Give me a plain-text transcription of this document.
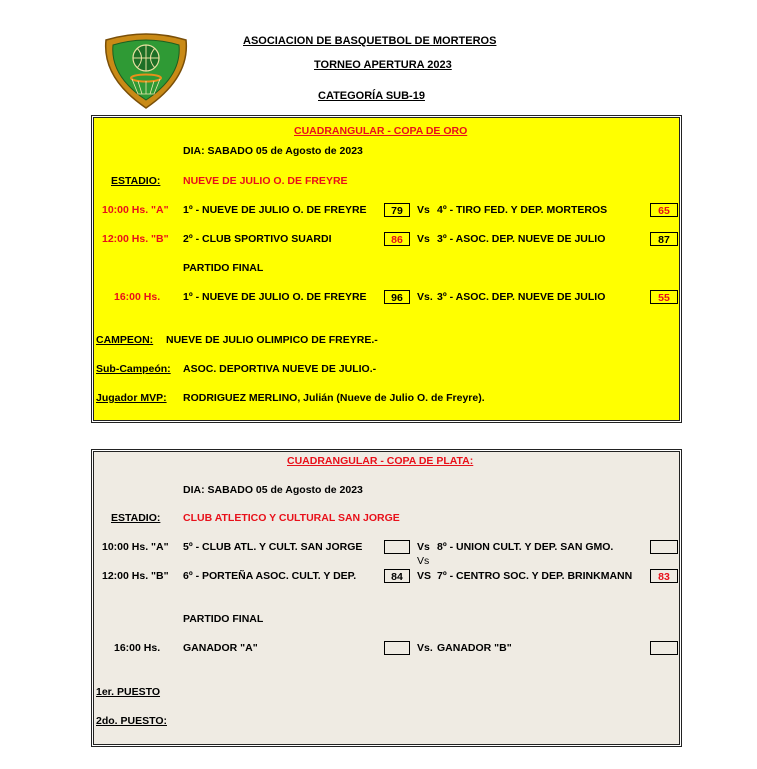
ASOCIACION DE BASQUETBOL DE MORTEROS
TORNEO APERTURA 2023
CATEGORÍA SUB-19
CUADRANGULAR - COPA DE ORO
DIA: SABADO 05 de Agosto de 2023
ESTADIO: NUEVE DE JULIO O. DE FREYRE
10:00 Hs. "A" 1º - NUEVE DE JULIO O. DE FREYRE	79	Vs 4º - TIRO FED. Y DEP. MORTEROS	65
12:00 Hs. "B" 2º - CLUB SPORTIVO SUARDI	86	Vs 3º - ASOC. DEP. NUEVE DE JULIO	87
PARTIDO FINAL
16:00 Hs. 1º - NUEVE DE JULIO O. DE FREYRE	96	Vs. 3º - ASOC. DEP. NUEVE DE JULIO	55
CAMPEON: NUEVE DE JULIO OLIMPICO DE FREYRE.-
Sub-Campeón: ASOC. DEPORTIVA NUEVE DE JULIO.-
Jugador MVP: RODRIGUEZ MERLINO, Julián (Nueve de Julio O. de Freyre).
CUADRANGULAR - COPA DE PLATA:
DIA: SABADO 05 de Agosto de 2023
ESTADIO: CLUB ATLETICO Y CULTURAL SAN JORGE
10:00 Hs. "A" 5º - CLUB ATL. Y CULT. SAN JORGE	Vs 8º - UNION CULT. Y DEP. SAN GMO.
Vs
12:00 Hs. "B" 6º - PORTEÑA ASOC. CULT. Y DEP.	84	VS 7º - CENTRO SOC. Y DEP. BRINKMANN	83
PARTIDO FINAL
16:00 Hs. GANADOR "A"	Vs. GANADOR "B"
1er. PUESTO
2do. PUESTO:
